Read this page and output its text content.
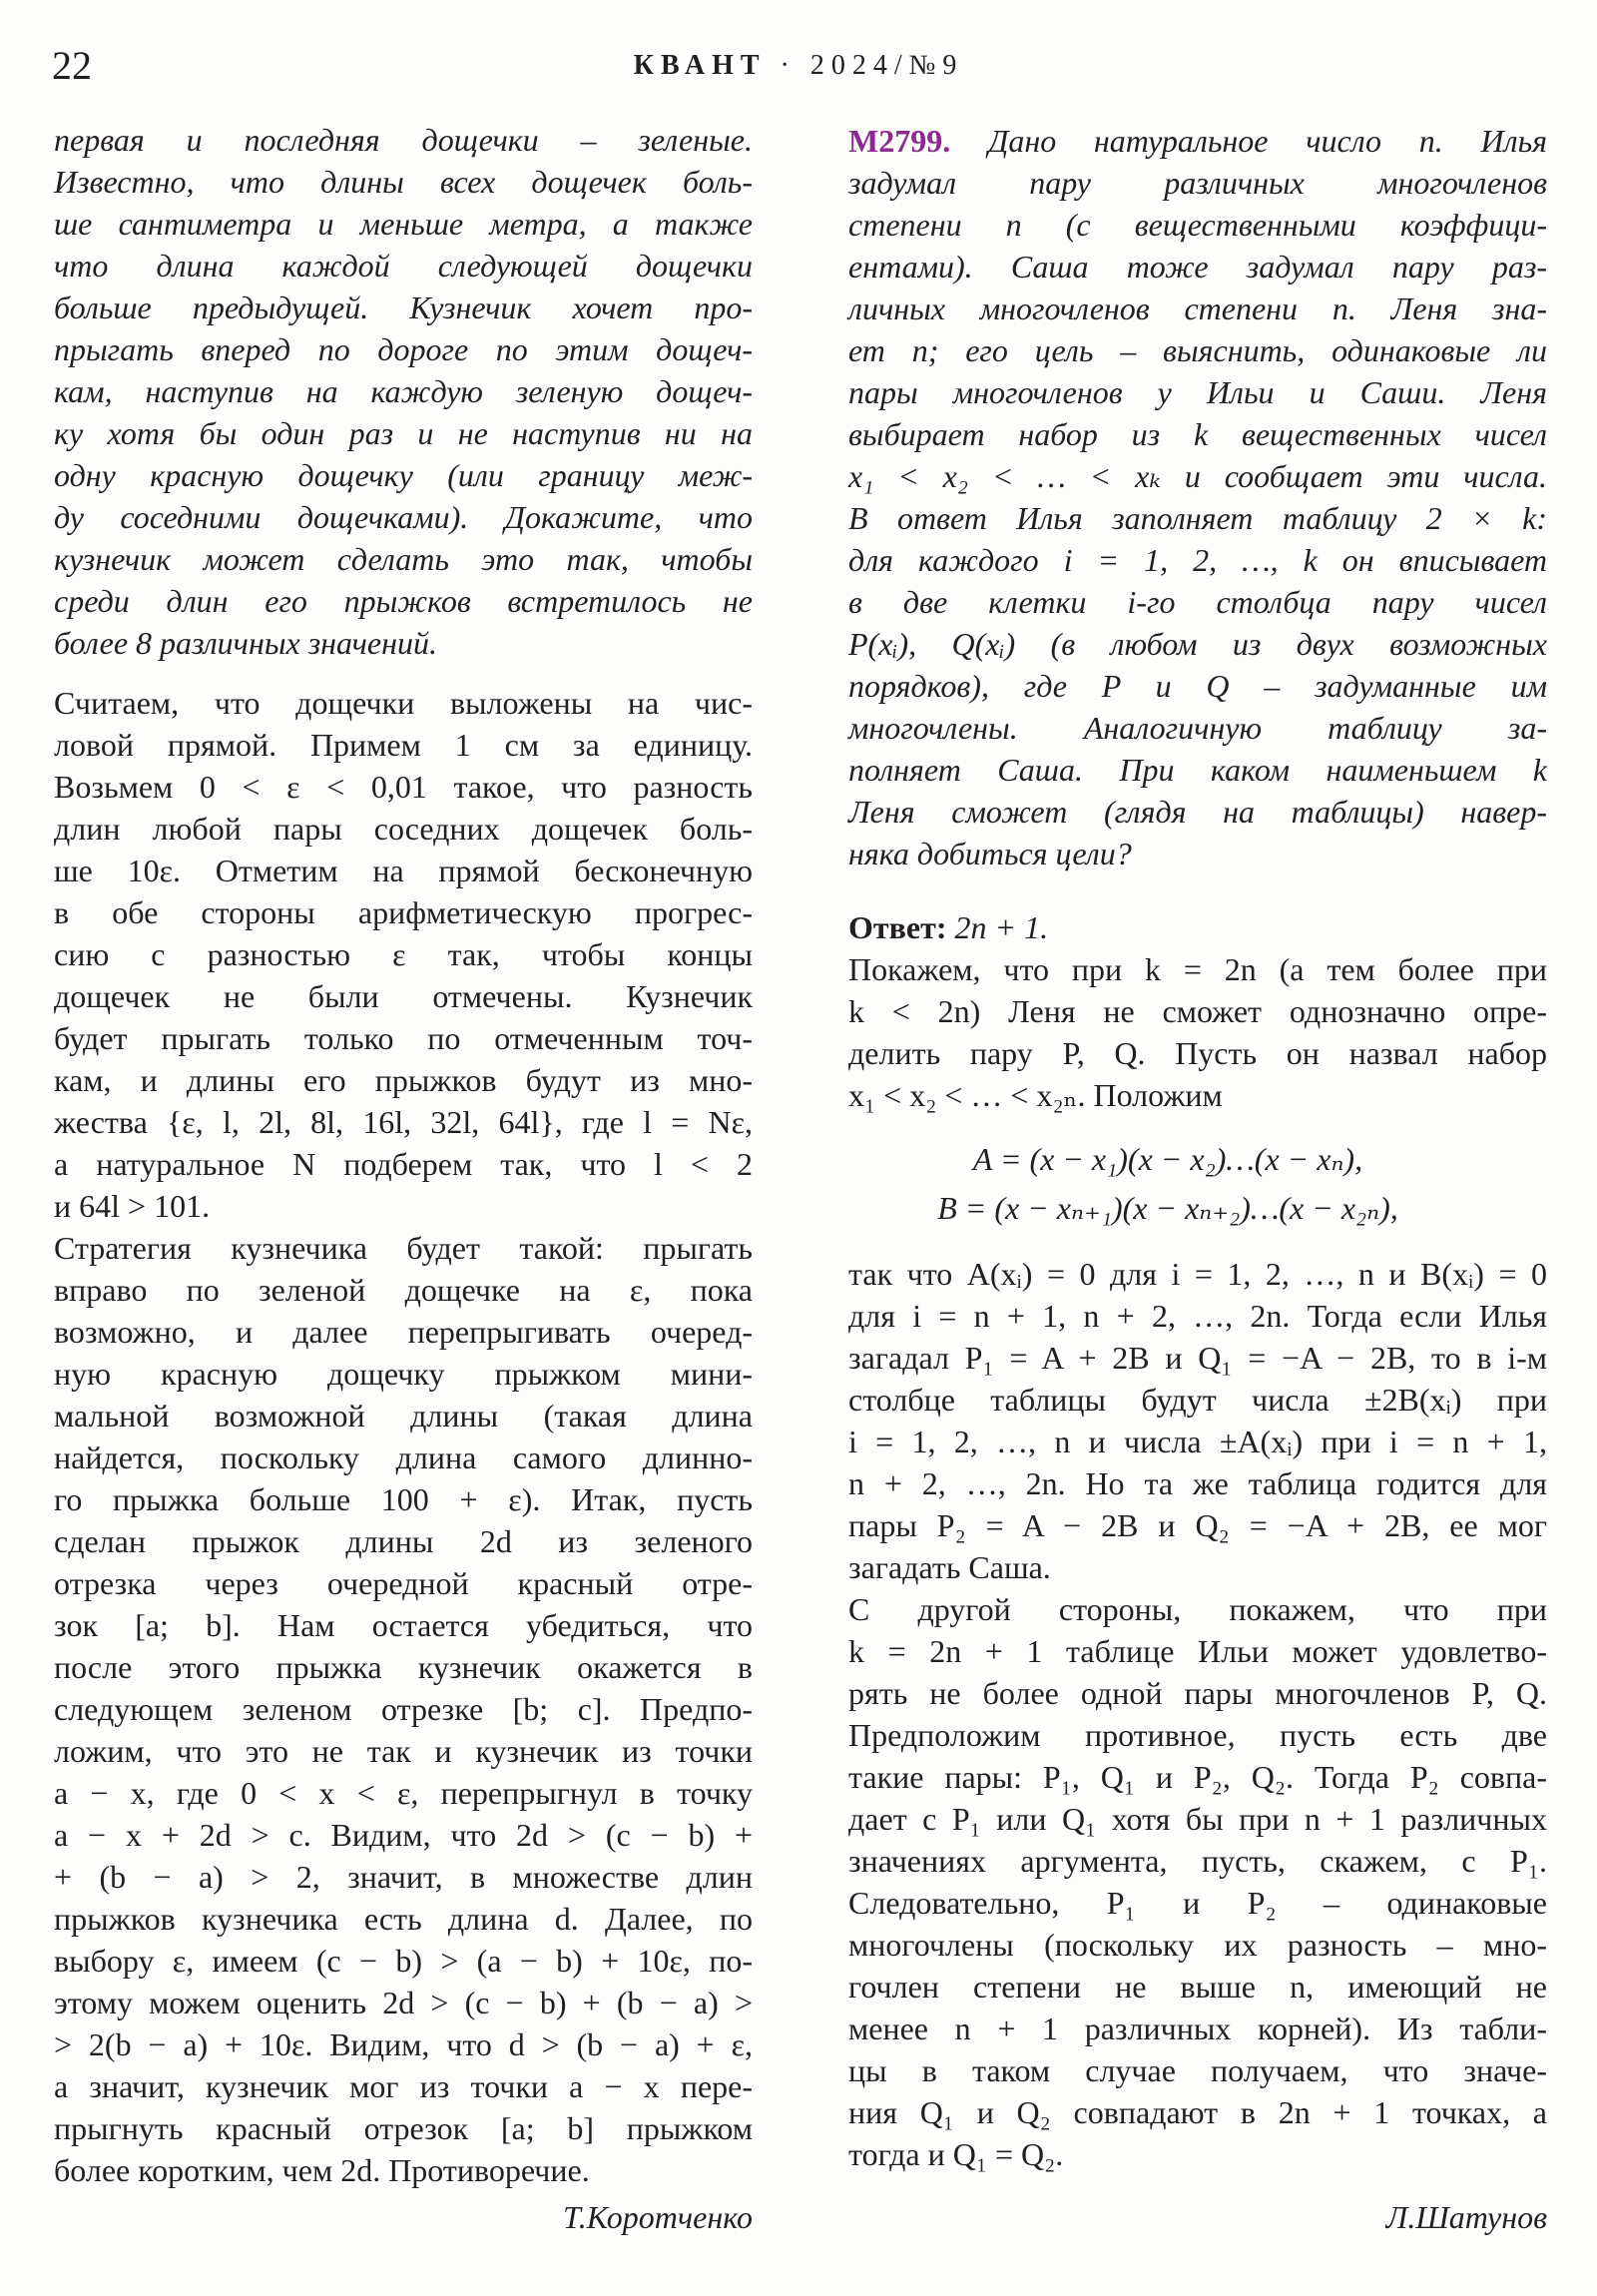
22	КВАНТ · 2024/№9
первая и последняя дощечки – зеленые.
Известно, что длины всех дощечек боль-
ше сантиметра и меньше метра, а также
что длина каждой следующей дощечки
больше предыдущей. Кузнечик хочет про-
прыгать вперед по дороге по этим дощеч-
кам, наступив на каждую зеленую дощеч-
ку хотя бы один раз и не наступив ни на
одну красную дощечку (или границу меж-
ду соседними дощечками). Докажите, что
кузнечик может сделать это так, чтобы
среди длин его прыжков встретилось не
более 8 различных значений.
Считаем, что дощечки выложены на чис-
ловой прямой. Примем 1 см за единицу.
Возьмем 0 < ε < 0,01 такое, что разность
длин любой пары соседних дощечек боль-
ше 10ε. Отметим на прямой бесконечную
в обе стороны арифметическую прогрес-
сию с разностью ε так, чтобы концы
дощечек не были отмечены. Кузнечик
будет прыгать только по отмеченным точ-
кам, и длины его прыжков будут из мно-
жества {ε, l, 2l, 8l, 16l, 32l, 64l}, где l = Nε,
а натуральное N подберем так, что l < 2
и 64l > 101.
Стратегия кузнечика будет такой: прыгать
вправо по зеленой дощечке на ε, пока
возможно, и далее перепрыгивать очеред-
ную красную дощечку прыжком мини-
мальной возможной длины (такая длина
найдется, поскольку длина самого длинно-
го прыжка больше 100 + ε). Итак, пусть
сделан прыжок длины 2d из зеленого
отрезка через очередной красный отре-
зок [a; b]. Нам остается убедиться, что
после этого прыжка кузнечик окажется в
следующем зеленом отрезке [b; c]. Предпо-
ложим, что это не так и кузнечик из точки
a − x, где 0 < x < ε, перепрыгнул в точку
a − x + 2d > c. Видим, что 2d > (c − b) +
+ (b − a) > 2, значит, в множестве длин
прыжков кузнечика есть длина d. Далее, по
выбору ε, имеем (c − b) > (a − b) + 10ε, по-
этому можем оценить 2d > (c − b) + (b − a) >
> 2(b − a) + 10ε. Видим, что d > (b − a) + ε,
а значит, кузнечик мог из точки a − x пере-
прыгнуть красный отрезок [a; b] прыжком
более коротким, чем 2d. Противоречие.
Т.Коротченко
M2799. Дано натуральное число n. Илья
задумал пару различных многочленов
степени n (с вещественными коэффици-
ентами). Саша тоже задумал пару раз-
личных многочленов степени n. Леня зна-
ет n; его цель – выяснить, одинаковые ли
пары многочленов у Ильи и Саши. Леня
выбирает набор из k вещественных чисел
x₁ < x₂ < … < xₖ и сообщает эти числа.
В ответ Илья заполняет таблицу 2 × k:
для каждого i = 1, 2, …, k он вписывает
в две клетки i-го столбца пару чисел
P(xᵢ), Q(xᵢ) (в любом из двух возможных
порядков), где P и Q – задуманные им
многочлены. Аналогичную таблицу за-
полняет Саша. При каком наименьшем k
Леня сможет (глядя на таблицы) навер-
няка добиться цели?
Ответ: 2n + 1.
Покажем, что при k = 2n (а тем более при
k < 2n) Леня не сможет однозначно опре-
делить пару P, Q. Пусть он назвал набор
x₁ < x₂ < … < x₂ₙ. Положим
A = (x − x₁)(x − x₂)…(x − xₙ),
B = (x − xₙ₊₁)(x − xₙ₊₂)…(x − x₂ₙ),
так что A(xᵢ) = 0 для i = 1, 2, …, n и B(xᵢ) = 0
для i = n + 1, n + 2, …, 2n. Тогда если Илья
загадал P₁ = A + 2B и Q₁ = −A − 2B, то в i-м
столбце таблицы будут числа ±2B(xᵢ) при
i = 1, 2, …, n и числа ±A(xᵢ) при i = n + 1,
n + 2, …, 2n. Но та же таблица годится для
пары P₂ = A − 2B и Q₂ = −A + 2B, ее мог
загадать Саша.
С другой стороны, покажем, что при
k = 2n + 1 таблице Ильи может удовлетво-
рять не более одной пары многочленов P, Q.
Предположим противное, пусть есть две
такие пары: P₁, Q₁ и P₂, Q₂. Тогда P₂ совпа-
дает с P₁ или Q₁ хотя бы при n + 1 различных
значениях аргумента, пусть, скажем, с P₁.
Следовательно, P₁ и P₂ – одинаковые
многочлены (поскольку их разность – мно-
гочлен степени не выше n, имеющий не
менее n + 1 различных корней). Из табли-
цы в таком случае получаем, что значе-
ния Q₁ и Q₂ совпадают в 2n + 1 точках, а
тогда и Q₁ = Q₂.
Л.Шатунов
